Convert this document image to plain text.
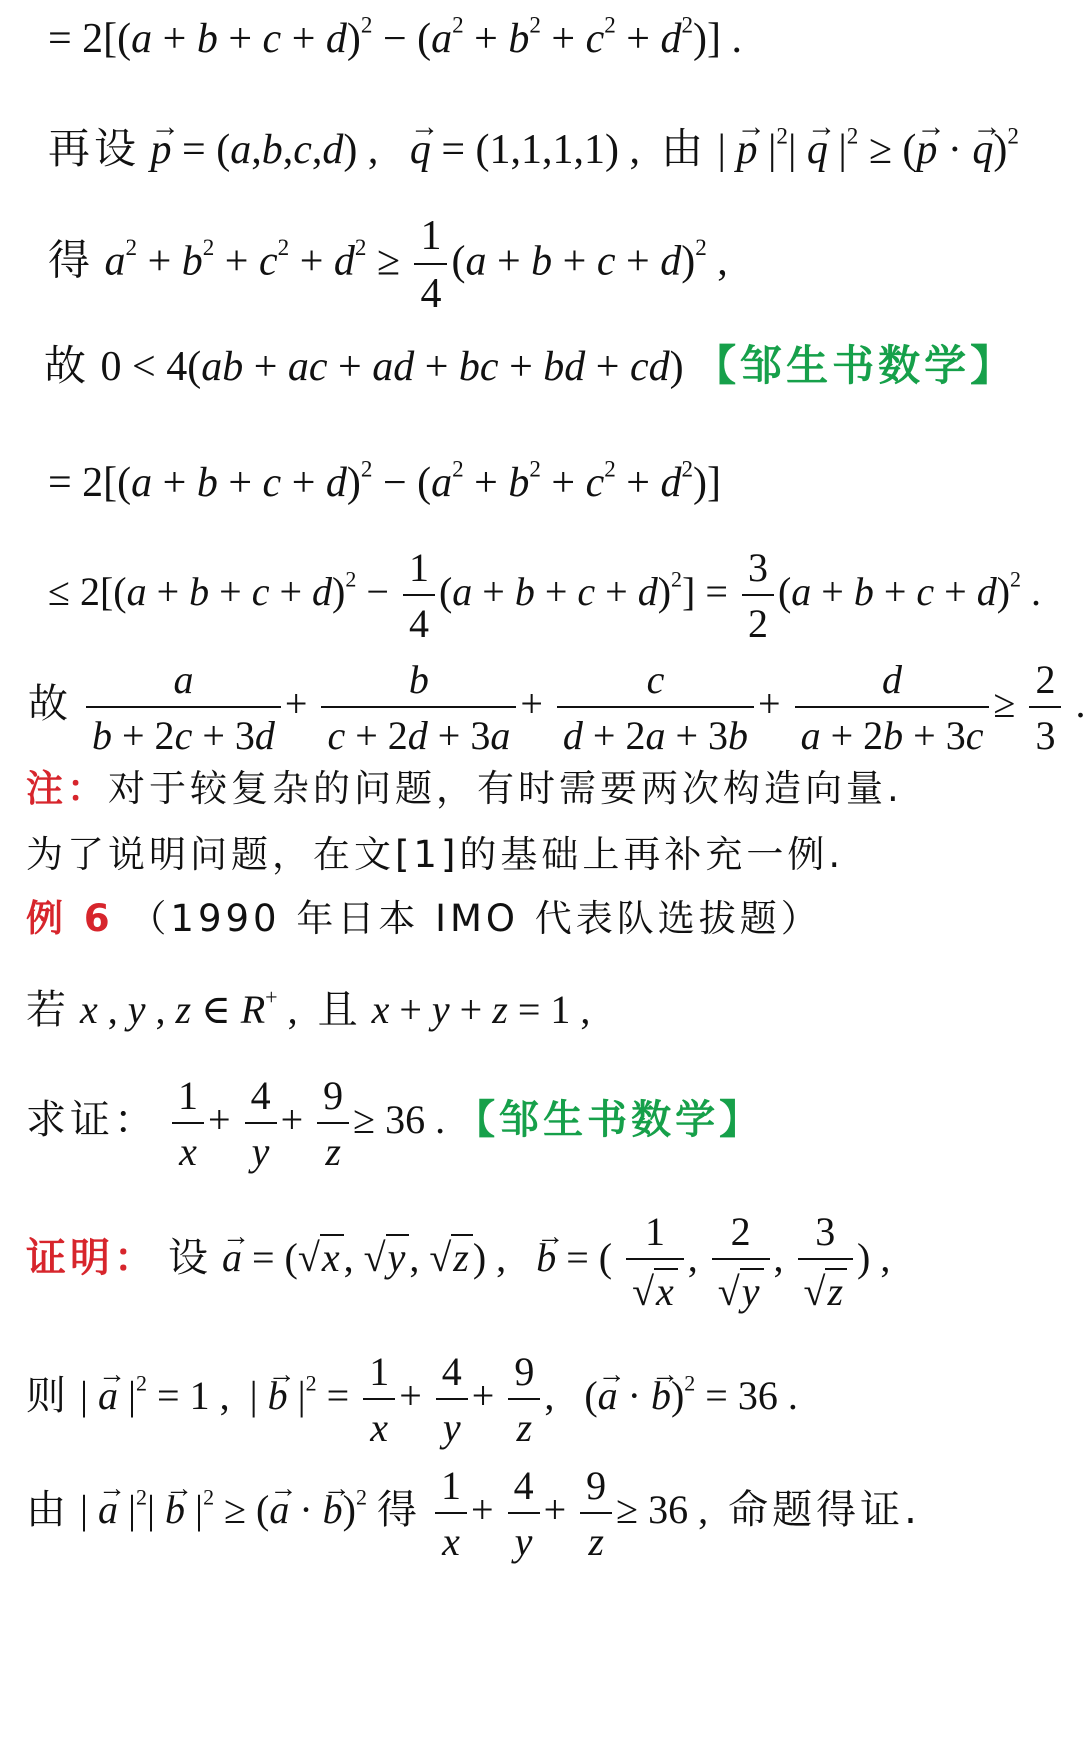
= $2[(a + b + c + d)^2 - (a^2 + b^2 + c^2 + d^2)]$ .
再设 → p = (a,b,c,d) ,   → q = (1,1,1,1) ,  由 | → p $|^2| \to q$ $|^2$ ≥ (→ p · → q)$^2$
得 $a^2 + b^2 + c^2 + d^2 \ge \frac{1}{4} (a + b + c + d)^2$ ,
故 0 < 4(ab + ac + ad + bc + bd + cd) 【邹生书数学】
= $2[(a + b + c + d)^2 - (a^2 + b^2 + c^2 + d^2)]$
≤ $2[(a + b + c + d)^2 - \frac{1}{4} (a + b + c + d)^2] = \frac{3}{2} (a + b + c + d)^2$ .
故 $\frac{a}{b + 2c + 3d} + \frac{b}{c + 2d + 3a} + \frac{c}{d + 2a + 3b} + \frac{d}{a + 2b + 3c} \ge \frac{2}{3}$ .
注：对于较复杂的问题，有时需要两次构造向量.
为了说明问题，在文[1]的基础上再补充一例.
例 6 （1990 年日本 IMO 代表队选拔题）
若 x , y , z ∈ R+ ,  且 x + y + z = 1 ,
求证： $\frac{1}{x} + \frac{4}{y} + \frac{9}{z} \ge 36$ . 【邹生书数学】
证明： 设 → a = (√x , √y , √z ) ,   → b = ( $\frac{1}{√x}$ , $\frac{2}{√y}$ , $\frac{3}{√z}$ ) ,
则 | → a $|^2 = 1$ ,  | → b $|^2 = \frac{1}{x} + \frac{4}{y} + \frac{9}{z}$ ,   (→ a · → b)$^2$ = 36 .
由 | → a $|^2| \to b$ $|^2$ ≥ (→ a · → b)$^2$ 得 $\frac{1}{x} + \frac{4}{y} + \frac{9}{z} \ge 36$ ,  命题得证.
